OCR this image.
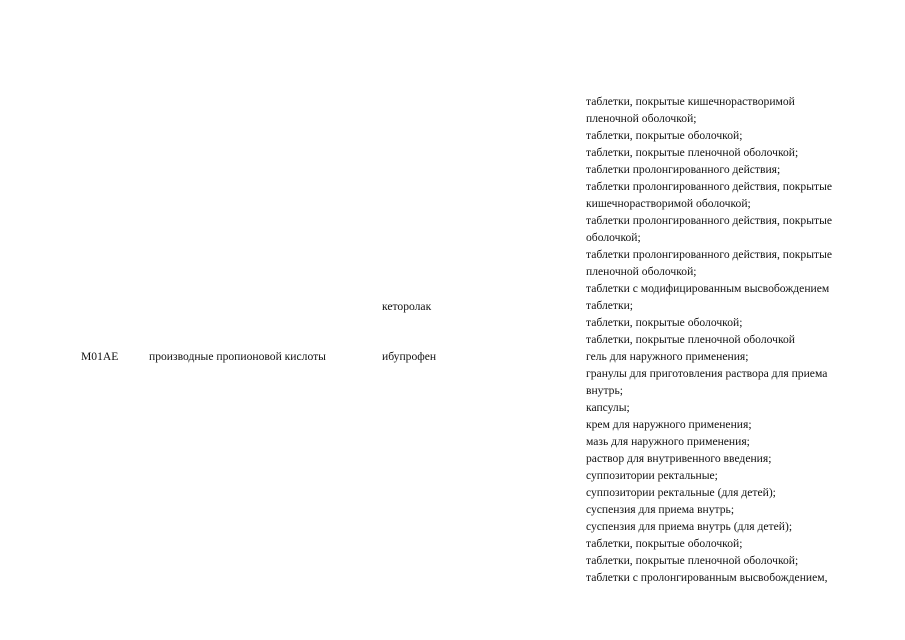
M01AE	производные пропионовой кислоты
кеторолак
ибупрофен
таблетки, покрытые кишечнорастворимой
пленочной оболочкой;
таблетки, покрытые оболочкой;
таблетки, покрытые пленочной оболочкой;
таблетки пролонгированного действия;
таблетки пролонгированного действия, покрытые
кишечнорастворимой оболочкой;
таблетки пролонгированного действия, покрытые
оболочкой;
таблетки пролонгированного действия, покрытые
пленочной оболочкой;
таблетки с модифицированным высвобождением
таблетки;
таблетки, покрытые оболочкой;
таблетки, покрытые пленочной оболочкой
гель для наружного применения;
гранулы для приготовления раствора для приема
внутрь;
капсулы;
крем для наружного применения;
мазь для наружного применения;
раствор для внутривенного введения;
суппозитории ректальные;
суппозитории ректальные (для детей);
суспензия для приема внутрь;
суспензия для приема внутрь (для детей);
таблетки, покрытые оболочкой;
таблетки, покрытые пленочной оболочкой;
таблетки с пролонгированным высвобождением,
